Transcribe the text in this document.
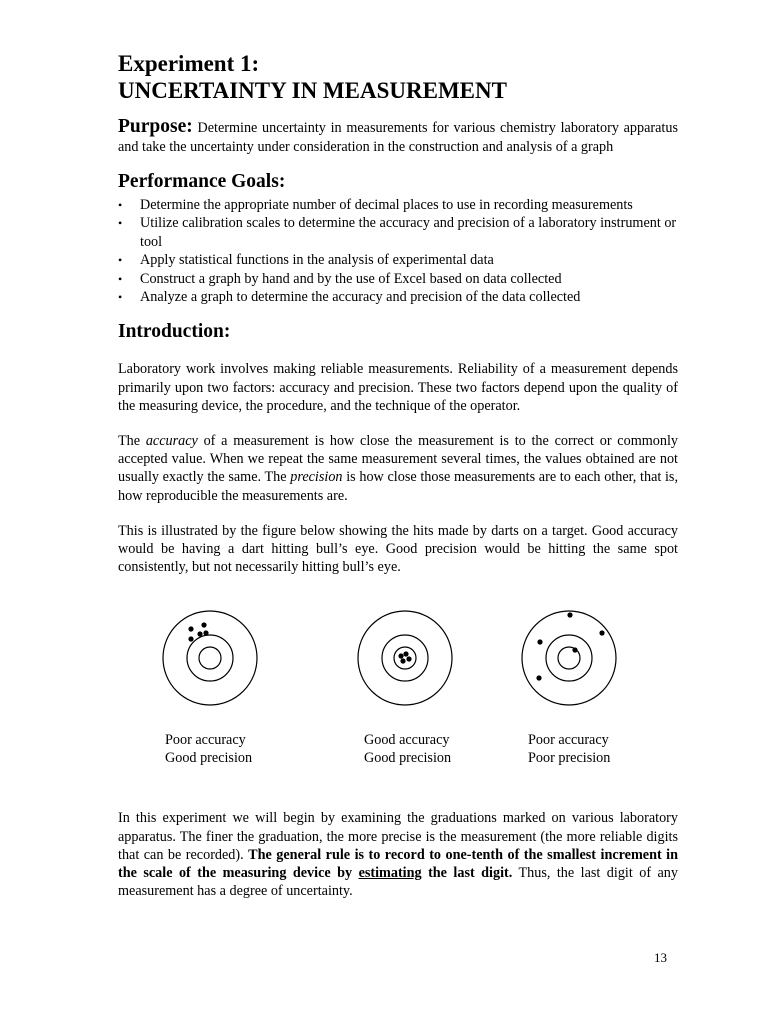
Experiment 1:
UNCERTAINTY IN MEASUREMENT
Purpose: Determine uncertainty in measurements for various chemistry laboratory apparatus and take the uncertainty under consideration in the construction and analysis of a graph
Performance Goals:
• Determine the appropriate number of decimal places to use in recording measurements
• Utilize calibration scales to determine the accuracy and precision of a laboratory instrument or tool
• Apply statistical functions in the analysis of experimental data
• Construct a graph by hand and by the use of Excel based on data collected
• Analyze a graph to determine the accuracy and precision of the data collected
Introduction:

Laboratory work involves making reliable measurements. Reliability of a measurement depends primarily upon two factors: accuracy and precision. These two factors depend upon the quality of the measuring device, the procedure, and the technique of the operator.

The accuracy of a measurement is how close the measurement is to the correct or commonly accepted value. When we repeat the same measurement several times, the values obtained are not usually exactly the same. The precision is how close those measurements are to each other, that is, how reproducible the measurements are.

This is illustrated by the figure below showing the hits made by darts on a target. Good accuracy would be having a dart hitting bull’s eye. Good precision would be hitting the same spot consistently, but not necessarily hitting bull’s eye.

Poor accuracy
Good precision
Good accuracy
Good precision
Poor accuracy
Poor precision

In this experiment we will begin by examining the graduations marked on various laboratory apparatus. The finer the graduation, the more precise is the measurement (the more reliable digits that can be recorded). The general rule is to record to one-tenth of the smallest increment in the scale of the measuring device by estimating the last digit. Thus, the last digit of any measurement has a degree of uncertainty.

13
